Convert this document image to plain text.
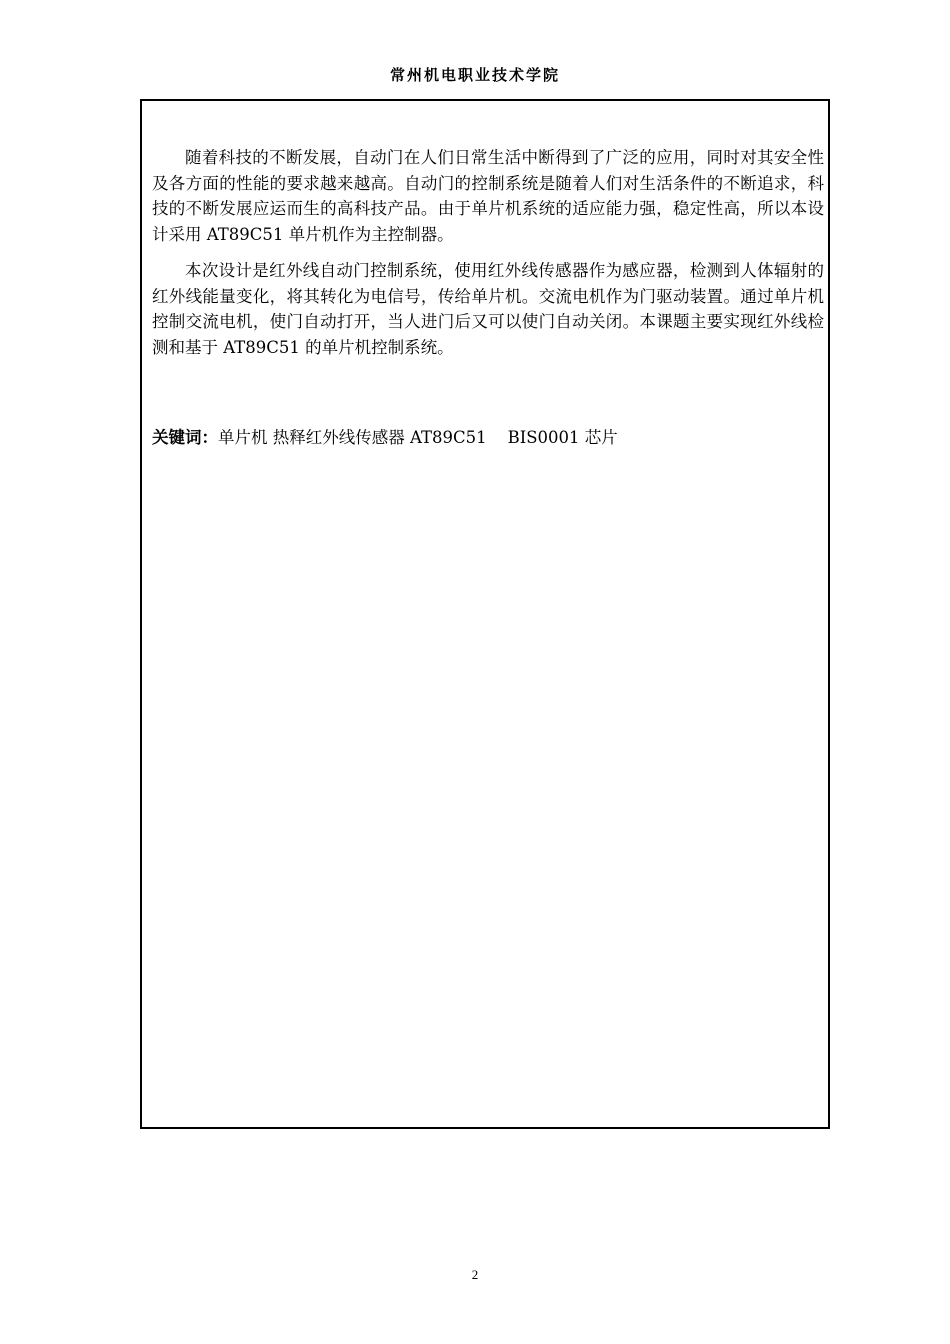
常州机电职业技术学院

随着科技的不断发展，自动门在人们日常生活中断得到了广泛的应用，同时对其安全性及各方面的性能的要求越来越高。自动门的控制系统是随着人们对生活条件的不断追求，科技的不断发展应运而生的高科技产品。由于单片机系统的适应能力强，稳定性高，所以本设计采用 AT89C51 单片机作为主控制器。

本次设计是红外线自动门控制系统，使用红外线传感器作为感应器，检测到人体辐射的红外线能量变化，将其转化为电信号，传给单片机。交流电机作为门驱动装置。通过单片机控制交流电机，使门自动打开，当人进门后又可以使门自动关闭。本课题主要实现红外线检测和基于 AT89C51 的单片机控制系统。

关键词：单片机 热释红外线传感器 AT89C51    BIS0001 芯片
2
